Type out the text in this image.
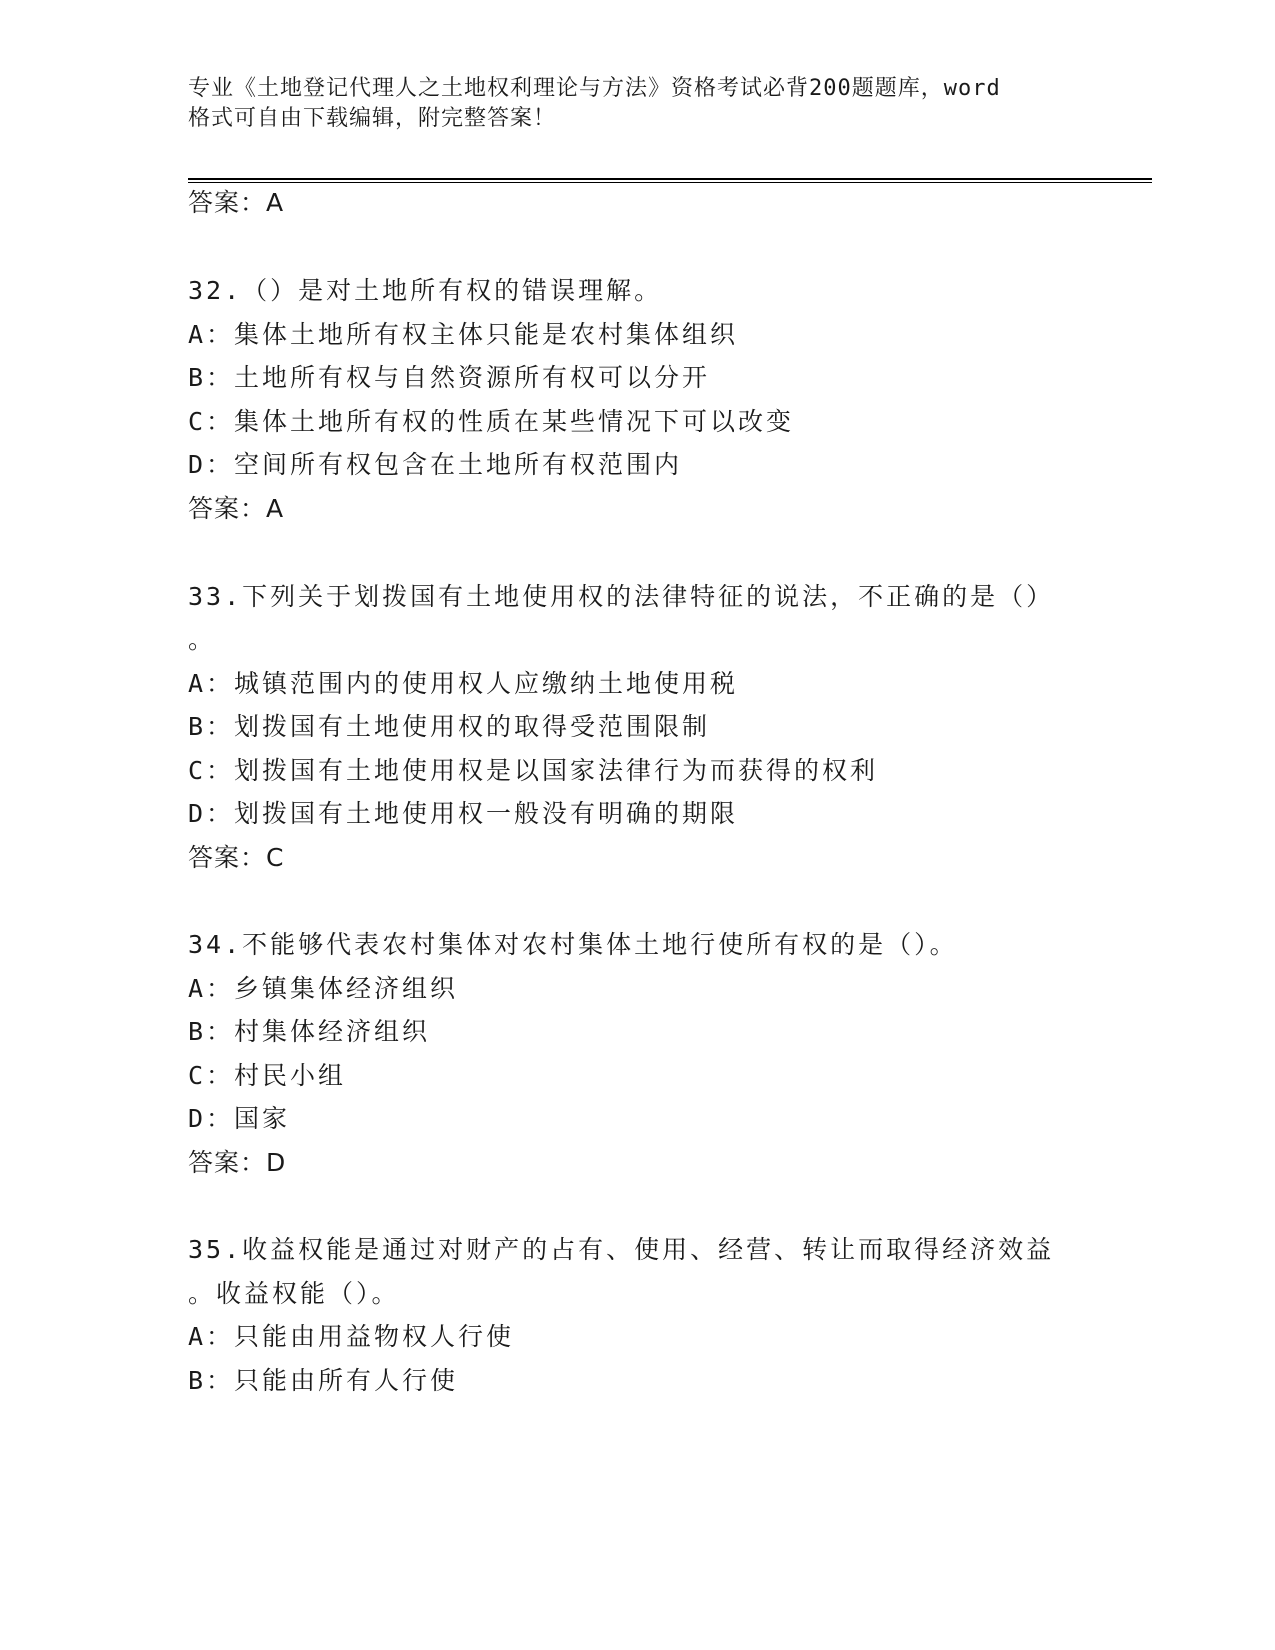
专业《土地登记代理人之土地权利理论与方法》资格考试必背200题题库，word
格式可自由下载编辑，附完整答案！
答案：A
32.（）是对土地所有权的错误理解。
A：集体土地所有权主体只能是农村集体组织
B：土地所有权与自然资源所有权可以分开
C：集体土地所有权的性质在某些情况下可以改变
D：空间所有权包含在土地所有权范围内
答案：A
33.下列关于划拨国有土地使用权的法律特征的说法，不正确的是（）
。
A：城镇范围内的使用权人应缴纳土地使用税
B：划拨国有土地使用权的取得受范围限制
C：划拨国有土地使用权是以国家法律行为而获得的权利
D：划拨国有土地使用权一般没有明确的期限
答案：C
34.不能够代表农村集体对农村集体土地行使所有权的是（）。
A：乡镇集体经济组织
B：村集体经济组织
C：村民小组
D：国家
答案：D
35.收益权能是通过对财产的占有、使用、经营、转让而取得经济效益
。收益权能（）。
A：只能由用益物权人行使
B：只能由所有人行使
